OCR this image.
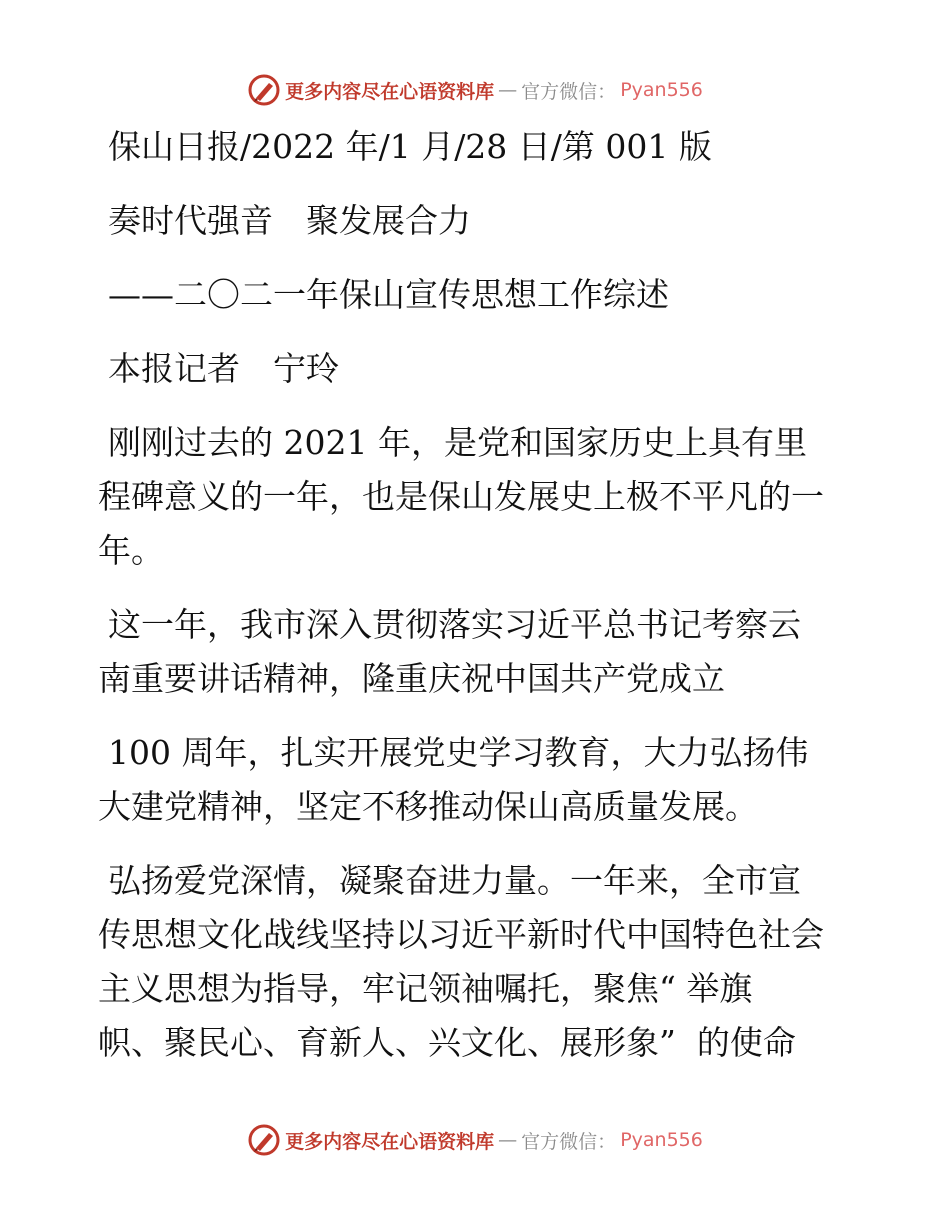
更多内容尽在心语资料库 — 官方微信： Pyan556

保山日报/2022 年/1 月/28 日/第 001 版

奏时代强音　聚发展合力

——二〇二一年保山宣传思想工作综述

本报记者　宁玲

刚刚过去的 2021 年，是党和国家历史上具有里

程碑意义的一年，也是保山发展史上极不平凡的一

年。

这一年，我市深入贯彻落实习近平总书记考察云

南重要讲话精神，隆重庆祝中国共产党成立

100 周年，扎实开展党史学习教育，大力弘扬伟

大建党精神，坚定不移推动保山高质量发展。

弘扬爱党深情，凝聚奋进力量。一年来，全市宣

传思想文化战线坚持以习近平新时代中国特色社会

主义思想为指导，牢记领袖嘱托，聚焦“ 举旗

帜、聚民心、育新人、兴文化、展形象”  的使命

更多内容尽在心语资料库 — 官方微信： Pyan556
